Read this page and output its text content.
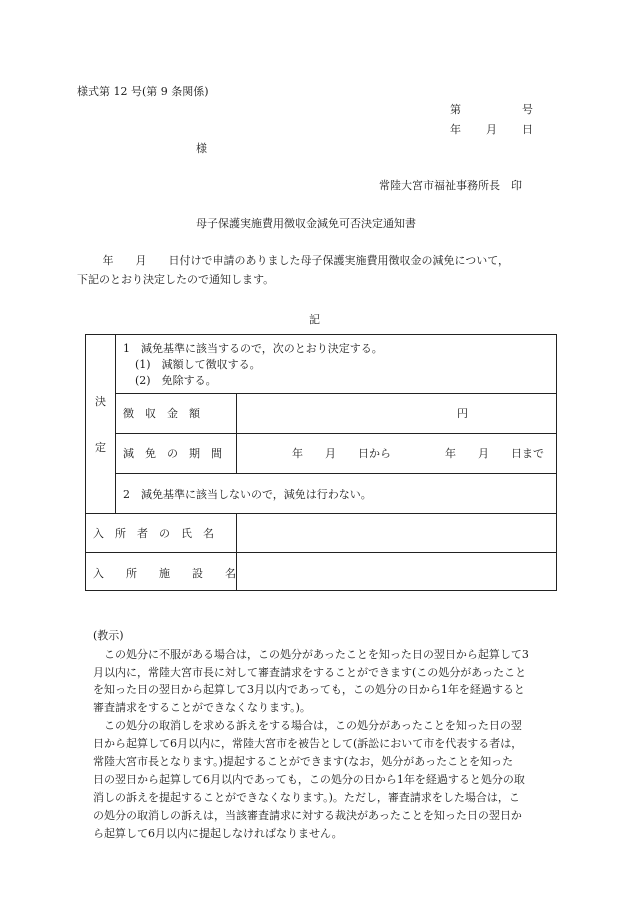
様式第 12 号(第 9 条関係)
第	号
年 月 日
様
常陸大宮市福祉事務所長　印
母子保護実施費用徴収金減免可否決定通知書
　　 年　　月　　日付けで申請のありました母子保護実施費用徴収金の減免について，
下記のとおり決定したので通知します。
記
決
定
1　減免基準に該当するので，次のとおり決定する。
(1)　減額して徴収する。
(2)　免除する。
徴　収　金　額	円
減　免　の　期　間	年　　月　　日から	年　　月　　日まで
2　減免基準に該当しないので，減免は行わない。
入　所　者　の　氏　名
入　　所　　施　　設　　名
(教示)
　この処分に不服がある場合は，この処分があったことを知った日の翌日から起算して3
月以内に，常陸大宮市長に対して審査請求をすることができます(この処分があったこと
を知った日の翌日から起算して3月以内であっても，この処分の日から1年を経過すると
審査請求をすることができなくなります。)。
　この処分の取消しを求める訴えをする場合は，この処分があったことを知った日の翌
日から起算して6月以内に，常陸大宮市を被告として(訴訟において市を代表する者は，
常陸大宮市長となります。)提起することができます(なお，処分があったことを知った
日の翌日から起算して6月以内であっても，この処分の日から1年を経過すると処分の取
消しの訴えを提起することができなくなります。)。ただし，審査請求をした場合は，こ
の処分の取消しの訴えは，当該審査請求に対する裁決があったことを知った日の翌日か
ら起算して6月以内に提起しなければなりません。
